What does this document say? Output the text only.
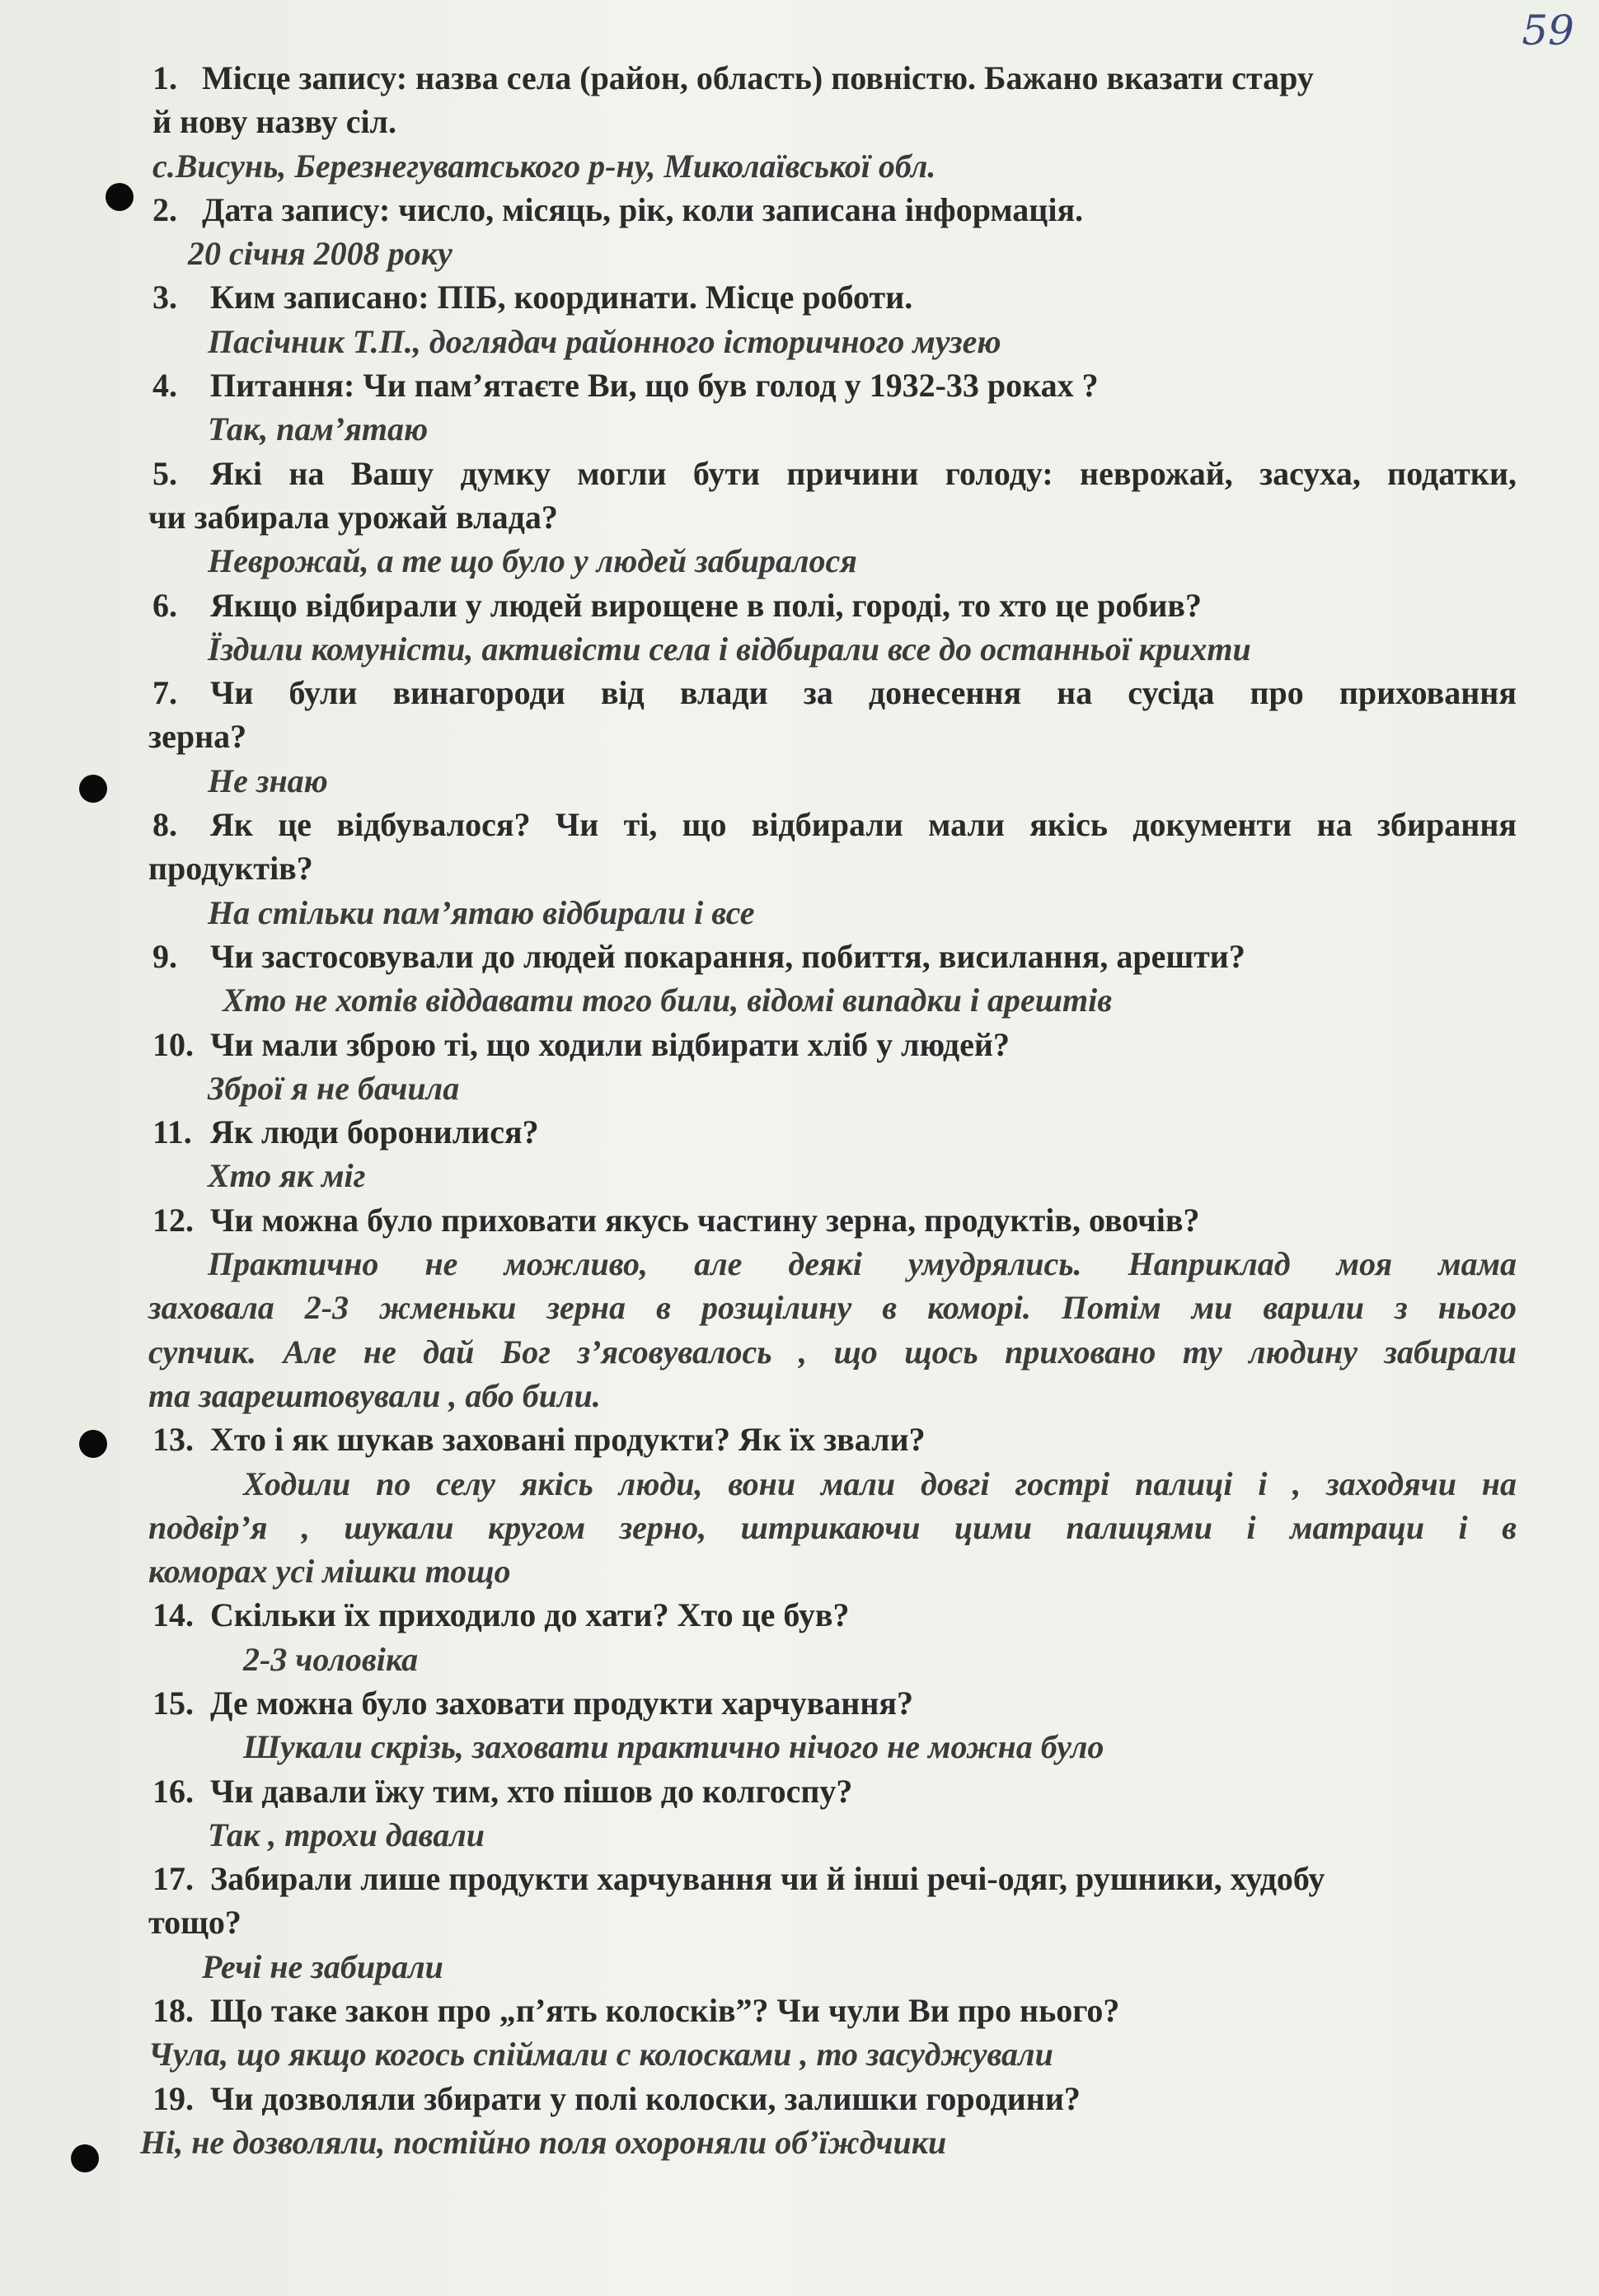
59
1. Місце запису: назва села (район, область) повністю. Бажано вказати стару
й нову назву сіл.
с.Висунь, Березнегуватського р-ну, Миколаївської обл.
2. Дата запису: число, місяць, рік, коли записана інформація.
20 січня 2008 року
3. Ким записано: ПІБ, координати. Місце роботи.
Пасічник Т.П., доглядач районного історичного музею
4. Питання: Чи пам’ятаєте Ви, що був голод у 1932-33 роках ?
Так, пам’ятаю
5. Які на Вашу думку могли бути причини голоду: неврожай, засуха, податки,
чи забирала урожай влада?
Неврожай, а те що було у людей забиралося
6. Якщо відбирали у людей вирощене в полі, городі, то хто це робив?
Їздили комуністи, активісти села і відбирали все до останньої крихти
7. Чи були винагороди від влади за донесення на сусіда про приховання
зерна?
Не знаю
8. Як це відбувалося? Чи ті, що відбирали мали якісь документи на збирання
продуктів?
На стільки пам’ятаю відбирали і все
9. Чи застосовували до людей покарання, побиття, висилання, арешти?
Хто не хотів віддавати того били, відомі випадки і арештів
10. Чи мали зброю ті, що ходили відбирати хліб у людей?
Зброї я не бачила
11. Як люди боронилися?
Хто як міг
12. Чи можна було приховати якусь частину зерна, продуктів, овочів?
Практично не можливо, але деякі умудрялись. Наприклад моя мама
заховала 2-3 жменьки зерна в розщілину в коморі. Потім ми варили з нього
супчик. Але не дай Бог з’ясовувалось , що щось приховано ту людину забирали
та заарештовували , або били.
13. Хто і як шукав заховані продукти? Як їх звали?
Ходили по селу якісь люди, вони мали довгі гострі палиці і , заходячи на
подвір’я , шукали кругом зерно, штрикаючи цими палицями і матраци і в
коморах усі мішки тощо
14. Скільки їх приходило до хати? Хто це був?
2-3 чоловіка
15. Де можна було заховати продукти харчування?
Шукали скрізь, заховати практично нічого не можна було
16. Чи давали їжу тим, хто пішов до колгоспу?
Так , трохи давали
17. Забирали лише продукти харчування чи й інші речі-одяг, рушники, худобу
тощо?
Речі не забирали
18. Що таке закон про „п’ять колосків”? Чи чули Ви про нього?
Чула, що якщо когось спіймали с колосками , то засуджували
19. Чи дозволяли збирати у полі колоски, залишки городини?
Ні, не дозволяли, постійно поля охороняли об’їждчики
